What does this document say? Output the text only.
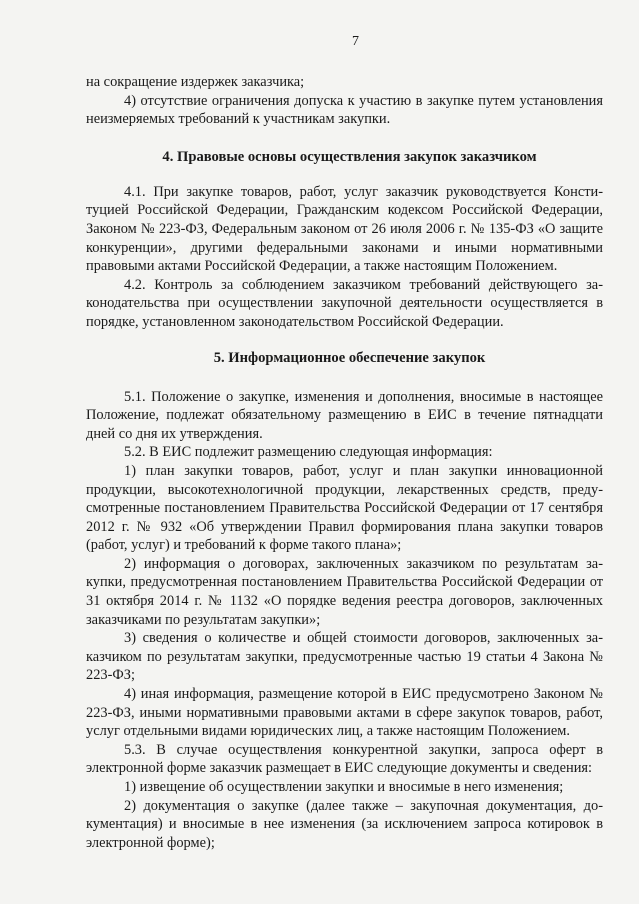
7

на сокращение издержек заказчика;

4) отсутствие ограничения допуска к участию в закупке путем установления неизмеряемых требований к участникам закупки.

4. Правовые основы осуществления закупок заказчиком

4.1. При закупке товаров, работ, услуг заказчик руководствуется Конституцией Российской Федерации, Гражданским кодексом Российской Федерации, Законом № 223-ФЗ, Федеральным законом от 26 июля 2006 г. № 135-ФЗ «О защите конкуренции», другими федеральными законами и иными нормативными правовыми актами Российской Федерации, а также настоящим Положением.

4.2. Контроль за соблюдением заказчиком требований действующего законодательства при осуществлении закупочной деятельности осуществляется в порядке, установленном законодательством Российской Федерации.

5. Информационное обеспечение закупок

5.1. Положение о закупке, изменения и дополнения, вносимые в настоящее Положение, подлежат обязательному размещению в ЕИС в течение пятнадцати дней со дня их утверждения.

5.2. В ЕИС подлежит размещению следующая информация:

1) план закупки товаров, работ, услуг и план закупки инновационной продукции, высокотехнологичной продукции, лекарственных средств, предусмотренные постановлением Правительства Российской Федерации от 17 сентября 2012 г. № 932 «Об утверждении Правил формирования плана закупки товаров (работ, услуг) и требований к форме такого плана»;

2) информация о договорах, заключенных заказчиком по результатам закупки, предусмотренная постановлением Правительства Российской Федерации от 31 октября 2014 г. № 1132 «О порядке ведения реестра договоров, заключенных заказчиками по результатам закупки»;

3) сведения о количестве и общей стоимости договоров, заключенных заказчиком по результатам закупки, предусмотренные частью 19 статьи 4 Закона № 223-ФЗ;

4) иная информация, размещение которой в ЕИС предусмотрено Законом № 223-ФЗ, иными нормативными правовыми актами в сфере закупок товаров, работ, услуг отдельными видами юридических лиц, а также настоящим Положением.

5.3. В случае осуществления конкурентной закупки, запроса оферт в электронной форме заказчик размещает в ЕИС следующие документы и сведения:

1) извещение об осуществлении закупки и вносимые в него изменения;

2) документация о закупке (далее также – закупочная документация, документация) и вносимые в нее изменения (за исключением запроса котировок в электронной форме);
